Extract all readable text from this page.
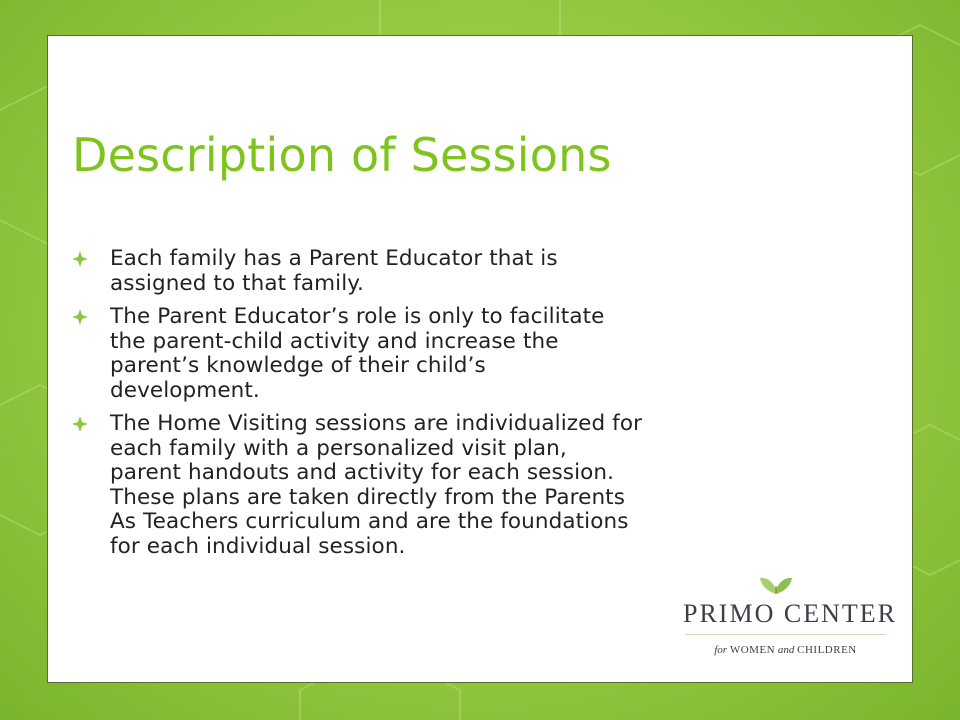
Description of Sessions
Each family has a Parent Educator that is
assigned to that family.
The Parent Educator’s role is only to facilitate
the parent-child activity and increase the
parent’s knowledge of their child’s
development.
The Home Visiting sessions are individualized for
each family with a personalized visit plan,
parent handouts and activity for each session.
These plans are taken directly from the Parents
As Teachers curriculum and are the foundations
for each individual session.

PRIMO CENTER

for WOMEN and CHILDREN
